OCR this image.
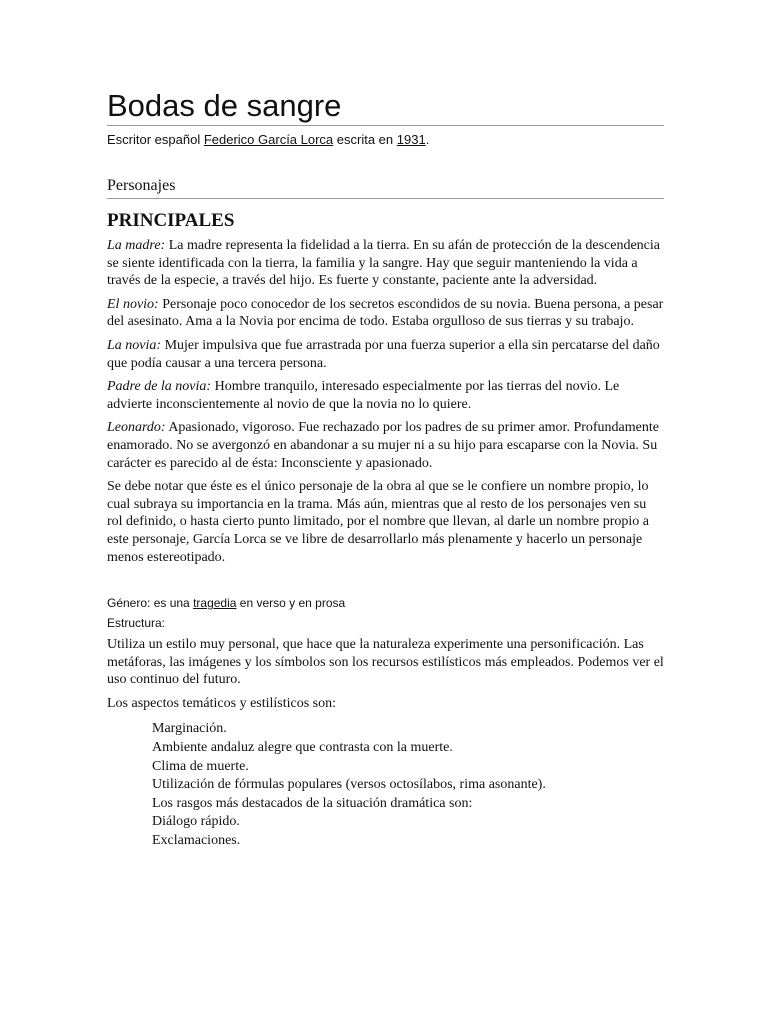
Bodas de sangre

Escritor español Federico García Lorca escrita en 1931.

Personajes
PRINCIPALES

La madre: La madre representa la fidelidad a la tierra. En su afán de protección de la descendencia se siente identificada con la tierra, la familia y la sangre. Hay que seguir manteniendo la vida a través de la especie, a través del hijo. Es fuerte y constante, paciente ante la adversidad.

El novio: Personaje poco conocedor de los secretos escondidos de su novia. Buena persona, a pesar del asesinato. Ama a la Novia por encima de todo. Estaba orgulloso de sus tierras y su trabajo.

La novia: Mujer impulsiva que fue arrastrada por una fuerza superior a ella sin percatarse del daño que podía causar a una tercera persona.

Padre de la novia: Hombre tranquilo, interesado especialmente por las tierras del novio. Le advierte inconscientemente al novio de que la novia no lo quiere.

Leonardo: Apasionado, vigoroso. Fue rechazado por los padres de su primer amor. Profundamente enamorado. No se avergonzó en abandonar a su mujer ni a su hijo para escaparse con la Novia. Su carácter es parecido al de ésta: Inconsciente y apasionado.

Se debe notar que éste es el único personaje de la obra al que se le confiere un nombre propio, lo cual subraya su importancia en la trama. Más aún, mientras que al resto de los personajes ven su rol definido, o hasta cierto punto limitado, por el nombre que llevan, al darle un nombre propio a este personaje, García Lorca se ve libre de desarrollarlo más plenamente y hacerlo un personaje menos estereotipado.

Género: es una tragedia en verso y en prosa

Estructura:

Utiliza un estilo muy personal, que hace que la naturaleza experimente una personificación. Las metáforas, las imágenes y los símbolos son los recursos estilísticos más empleados. Podemos ver el uso continuo del futuro.

Los aspectos temáticos y estilísticos son:

Marginación.
Ambiente andaluz alegre que contrasta con la muerte.
Clima de muerte.
Utilización de fórmulas populares (versos octosílabos, rima asonante).
Los rasgos más destacados de la situación dramática son:
Diálogo rápido.
Exclamaciones.
